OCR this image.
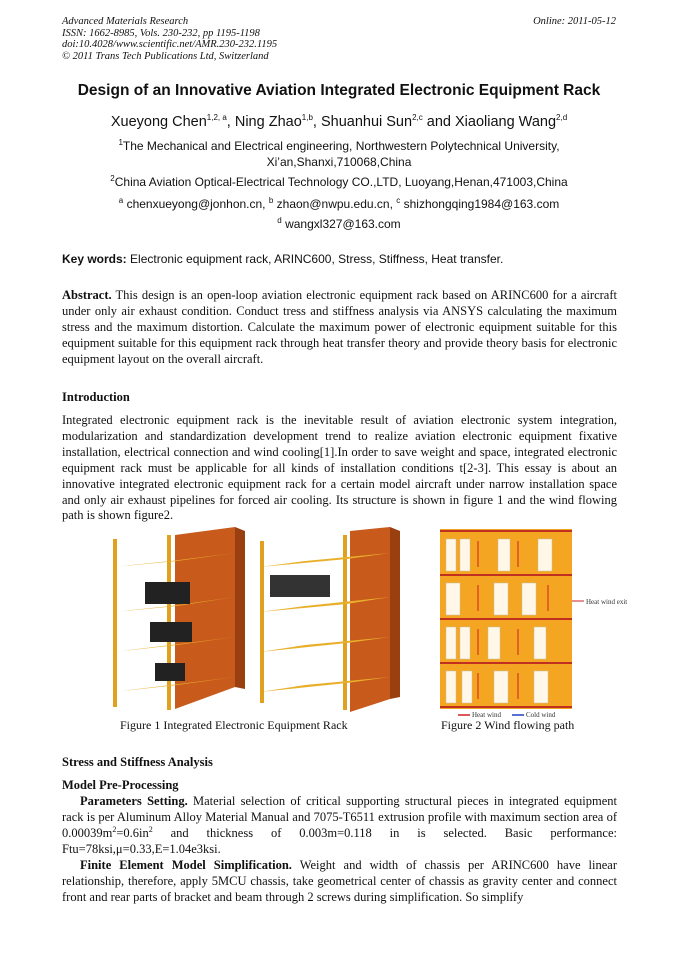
Advanced Materials Research
ISSN: 1662-8985, Vols. 230-232, pp 1195-1198
doi:10.4028/www.scientific.net/AMR.230-232.1195
© 2011 Trans Tech Publications Ltd, Switzerland
Online: 2011-05-12
Design of an Innovative Aviation Integrated Electronic Equipment Rack
Xueyong Chen$^{1,2, a}$, Ning Zhao$^{1,b}$, Shuanhui Sun$^{2,c}$ and Xiaoliang Wang$^{2,d}$
$^1$The Mechanical and Electrical engineering, Northwestern Polytechnical University,
Xi’an,Shanxi,710068,China
$^2$China Aviation Optical-Electrical Technology CO.,LTD, Luoyang,Henan,471003,China
$^a$ chenxueyong@jonhon.cn, $^b$ zhaon@nwpu.edu.cn, $^c$ shizhongqing1984@163.com
$^d$ wangxl327@163.com
Key words: Electronic equipment rack, ARINC600, Stress, Stiffness, Heat transfer.
Abstract. This design is an open-loop aviation electronic equipment rack based on ARINC600 for a aircraft under only air exhaust condition. Conduct tress and stiffness analysis via ANSYS calculating the maximum stress and the maximum distortion. Calculate the maximum power of electronic equipment suitable for this equipment suitable for this equipment rack through heat transfer theory and provide theory basis for electronic equipment layout on the overall aircraft.
Introduction
Integrated electronic equipment rack is the inevitable result of aviation electronic system integration, modularization and standardization development trend to realize aviation electronic equipment fixative installation, electrical connection and wind cooling[1].In order to save weight and space, integrated electronic equipment rack must be applicable for all kinds of installation conditions t[2-3]. This essay is about an innovative integrated electronic equipment rack for a certain model aircraft under narrow installation space and only air exhaust pipelines for forced air cooling. Its structure is shown in figure 1 and the wind flowing path is shown figure2.
Figure 1 Integrated Electronic Equipment Rack
Heat wind exit
Heat wind	Cold wind
Figure 2 Wind flowing path
Stress and Stiffness Analysis
Model Pre-Processing
Parameters Setting. Material selection of critical supporting structural pieces in integrated equipment rack is per Aluminum Alloy Material Manual and 7075-T6511 extrusion profile with maximum section area of $0.00039m^2=0.6in^2$ and thickness of 0.003m=0.118 in is selected. Basic performance: Ftu=78ksi,μ=0.33,E=1.04e3ksi.
Finite Element Model Simplification. Weight and width of chassis per ARINC600 have linear relationship, therefore, apply 5MCU chassis, take geometrical center of chassis as gravity center and connect front and rear parts of bracket and beam through 2 screws during simplification. So simplify
